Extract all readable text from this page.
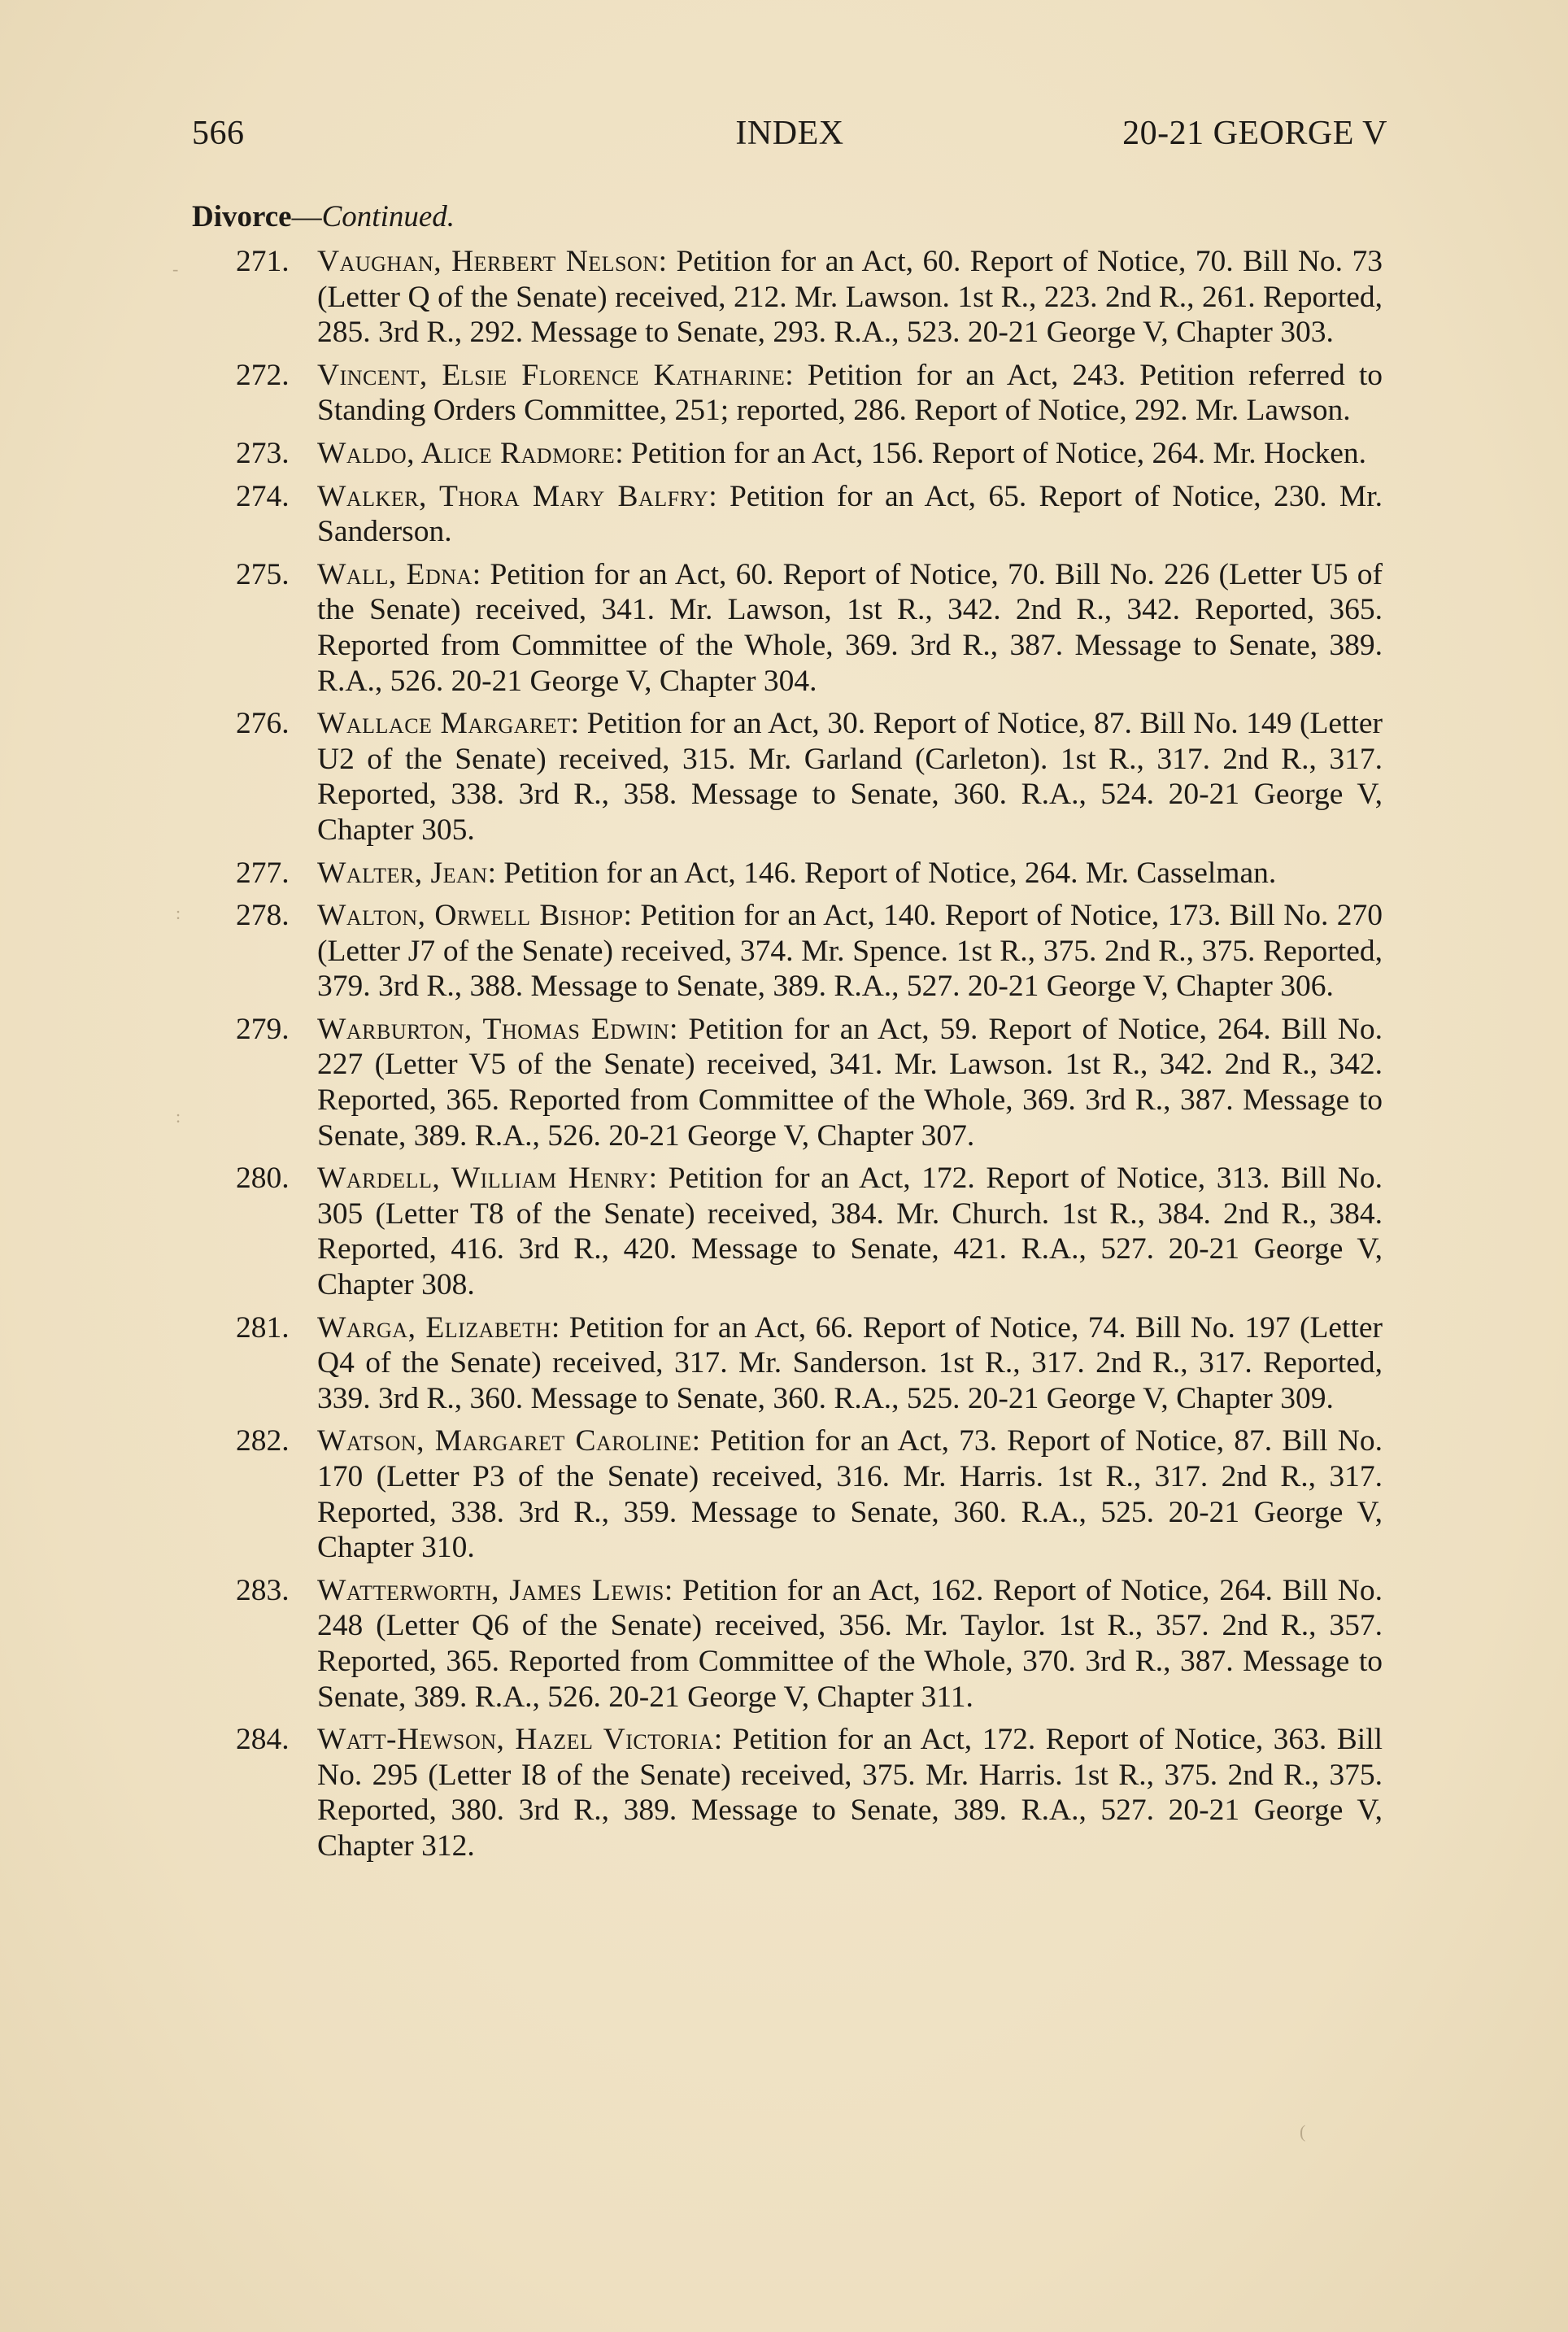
566	INDEX	20-21 GEORGE V
Divorce—Continued.
271. Vaughan, Herbert Nelson: Petition for an Act, 60. Report of Notice, 70. Bill No. 73 (Letter Q of the Senate) received, 212. Mr. Lawson. 1st R., 223. 2nd R., 261. Reported, 285. 3rd R., 292. Message to Senate, 293. R.A., 523. 20-21 George V, Chapter 303.
272. Vincent, Elsie Florence Katharine: Petition for an Act, 243. Petition referred to Standing Orders Committee, 251; reported, 286. Report of Notice, 292. Mr. Lawson.
273. Waldo, Alice Radmore: Petition for an Act, 156. Report of Notice, 264. Mr. Hocken.
274. Walker, Thora Mary Balfry: Petition for an Act, 65. Report of Notice, 230. Mr. Sanderson.
275. Wall, Edna: Petition for an Act, 60. Report of Notice, 70. Bill No. 226 (Letter U5 of the Senate) received, 341. Mr. Lawson, 1st R., 342. 2nd R., 342. Reported, 365. Reported from Committee of the Whole, 369. 3rd R., 387. Message to Senate, 389. R.A., 526. 20-21 George V, Chapter 304.
276. Wallace Margaret: Petition for an Act, 30. Report of Notice, 87. Bill No. 149 (Letter U2 of the Senate) received, 315. Mr. Garland (Carleton). 1st R., 317. 2nd R., 317. Reported, 338. 3rd R., 358. Message to Senate, 360. R.A., 524. 20-21 George V, Chapter 305.
277. Walter, Jean: Petition for an Act, 146. Report of Notice, 264. Mr. Casselman.
278. Walton, Orwell Bishop: Petition for an Act, 140. Report of Notice, 173. Bill No. 270 (Letter J7 of the Senate) received, 374. Mr. Spence. 1st R., 375. 2nd R., 375. Reported, 379. 3rd R., 388. Message to Senate, 389. R.A., 527. 20-21 George V, Chapter 306.
279. Warburton, Thomas Edwin: Petition for an Act, 59. Report of Notice, 264. Bill No. 227 (Letter V5 of the Senate) received, 341. Mr. Lawson. 1st R., 342. 2nd R., 342. Reported, 365. Reported from Committee of the Whole, 369. 3rd R., 387. Message to Senate, 389. R.A., 526. 20-21 George V, Chapter 307.
280. Wardell, William Henry: Petition for an Act, 172. Report of Notice, 313. Bill No. 305 (Letter T8 of the Senate) received, 384. Mr. Church. 1st R., 384. 2nd R., 384. Reported, 416. 3rd R., 420. Message to Senate, 421. R.A., 527. 20-21 George V, Chapter 308.
281. Warga, Elizabeth: Petition for an Act, 66. Report of Notice, 74. Bill No. 197 (Letter Q4 of the Senate) received, 317. Mr. Sanderson. 1st R., 317. 2nd R., 317. Reported, 339. 3rd R., 360. Message to Senate, 360. R.A., 525. 20-21 George V, Chapter 309.
282. Watson, Margaret Caroline: Petition for an Act, 73. Report of Notice, 87. Bill No. 170 (Letter P3 of the Senate) received, 316. Mr. Harris. 1st R., 317. 2nd R., 317. Reported, 338. 3rd R., 359. Message to Senate, 360. R.A., 525. 20-21 George V, Chapter 310.
283. Watterworth, James Lewis: Petition for an Act, 162. Report of Notice, 264. Bill No. 248 (Letter Q6 of the Senate) received, 356. Mr. Taylor. 1st R., 357. 2nd R., 357. Reported, 365. Reported from Committee of the Whole, 370. 3rd R., 387. Message to Senate, 389. R.A., 526. 20-21 George V, Chapter 311.
284. Watt-Hewson, Hazel Victoria: Petition for an Act, 172. Report of Notice, 363. Bill No. 295 (Letter I8 of the Senate) received, 375. Mr. Harris. 1st R., 375. 2nd R., 375. Reported, 380. 3rd R., 389. Message to Senate, 389. R.A., 527. 20-21 George V, Chapter 312.
-
:
:
(
